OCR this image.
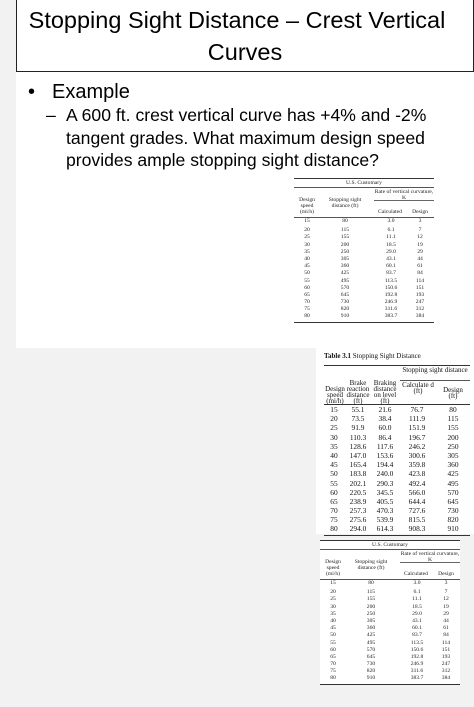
Stopping Sight Distance – Crest Vertical
Curves
• Example
– A 600 ft. crest vertical curve has +4% and -2% tangent grades. What maximum design speed provides ample stopping sight distance?
U.S. Customary
Design speed (mi/h)
Stopping sight distance (ft)
Rate of vertical curvature, K
Calculated	Design
15	80	3.0	3
20	115	6.1	7
25	155	11.1	12
30	200	18.5	19
35	250	29.0	29
40	305	43.1	44
45	360	60.1	61
50	425	83.7	84
55	495	113.5	114
60	570	150.6	151
65	645	192.8	193
70	730	246.9	247
75	820	311.6	312
80	910	383.7	384
Table 3.1 Stopping Sight Distance
Stopping sight distance
Design speed (mi/h)
Brake reaction distance (ft)
Braking distance on level (ft)
Calculate d (ft)	Design (ft)
15	55.1	21.6	76.7	80
20	73.5	38.4	111.9	115
25	91.9	60.0	151.9	155
30	110.3	86.4	196.7	200
35	128.6	117.6	246.2	250
40	147.0	153.6	300.6	305
45	165.4	194.4	359.8	360
50	183.8	240.0	423.8	425
55	202.1	290.3	492.4	495
60	220.5	345.5	566.0	570
65	238.9	405.5	644.4	645
70	257.3	470.3	727.6	730
75	275.6	539.9	815.5	820
80	294.0	614.3	908.3	910
U.S. Customary
Design speed (mi/h)
Stopping sight distance (ft)
Rate of vertical curvature, K
Calculated	Design
15	80	3.0	3
20	115	6.1	7
25	155	11.1	12
30	200	18.5	19
35	250	29.0	29
40	305	43.1	44
45	360	60.1	61
50	425	83.7	84
55	495	113.5	114
60	570	150.6	151
65	645	192.8	193
70	730	246.9	247
75	820	311.6	312
80	910	383.7	384
